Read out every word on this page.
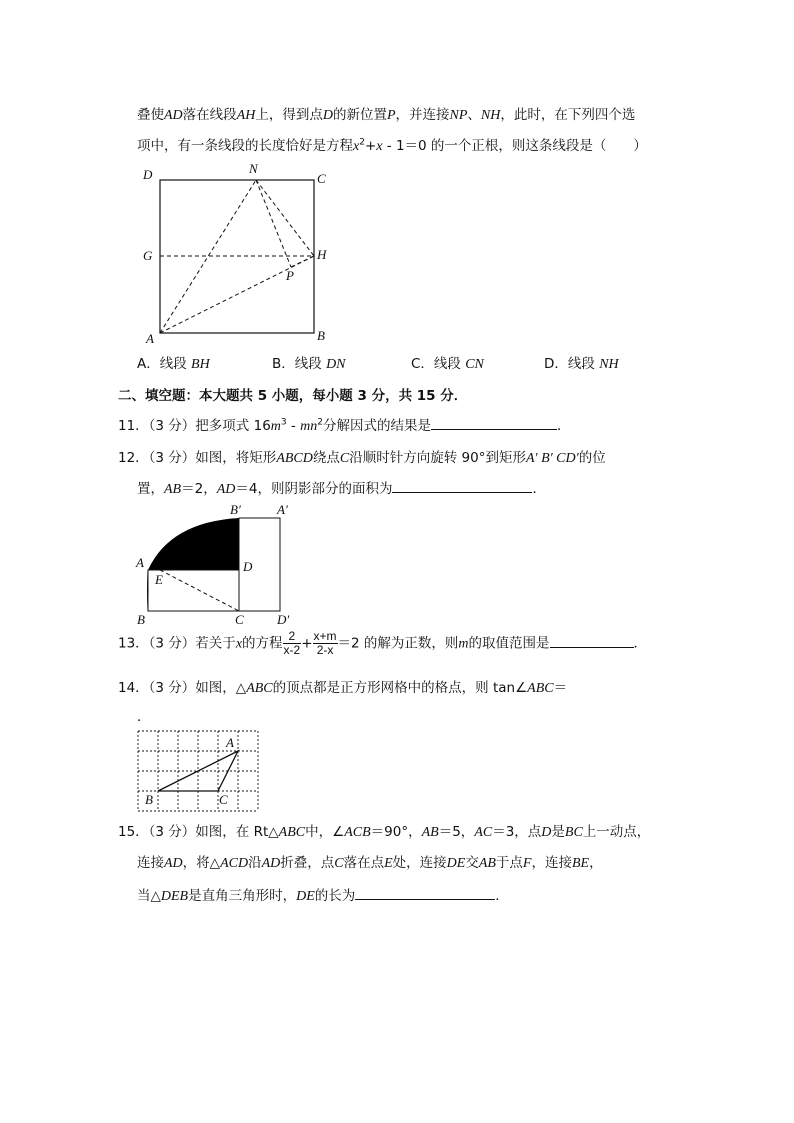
叠使AD落在线段AH上，得到点D的新位置P，并连接NP、NH，此时，在下列四个选
项中，有一条线段的长度恰好是方程$x^2+x - 1=0$ 的一个正根，则这条线段是（　　）
D	N
C
G	H
P
A	B
A．线段 BH	B．线段 DN	C．线段 CN	D．线段 NH
二、填空题：本大题共 5 小题，每小题 3 分，共 15 分．
11．（3 分）把多项式 $16m^3 - mn^2$分解因式的结果是	．
12．（3 分）如图，将矩形ABCD绕点C沿顺时针方向旋转 90°到矩形A′ B′ CD′的位
置，AB＝2，AD＝4，则阴影部分的面积为	．
B′	A′
A	D
E
B	C	D′
13．（3 分）若关于x的方程 $\frac{2}{x-2} + \frac{x+m}{2-x} =2$ 的解为正数，则m的取值范围是	．
14．（3 分）如图，△ABC的顶点都是正方形网格中的格点，则 tan∠ABC＝
．
A
B	C
15．（3 分）如图，在 Rt△ABC中，∠ACB＝90°，AB＝5，AC＝3，点D是BC上一动点，
连接AD，将△ACD沿AD折叠，点C落在点E处，连接DE交AB于点F，连接BE，
当△DEB是直角三角形时，DE的长为	．
